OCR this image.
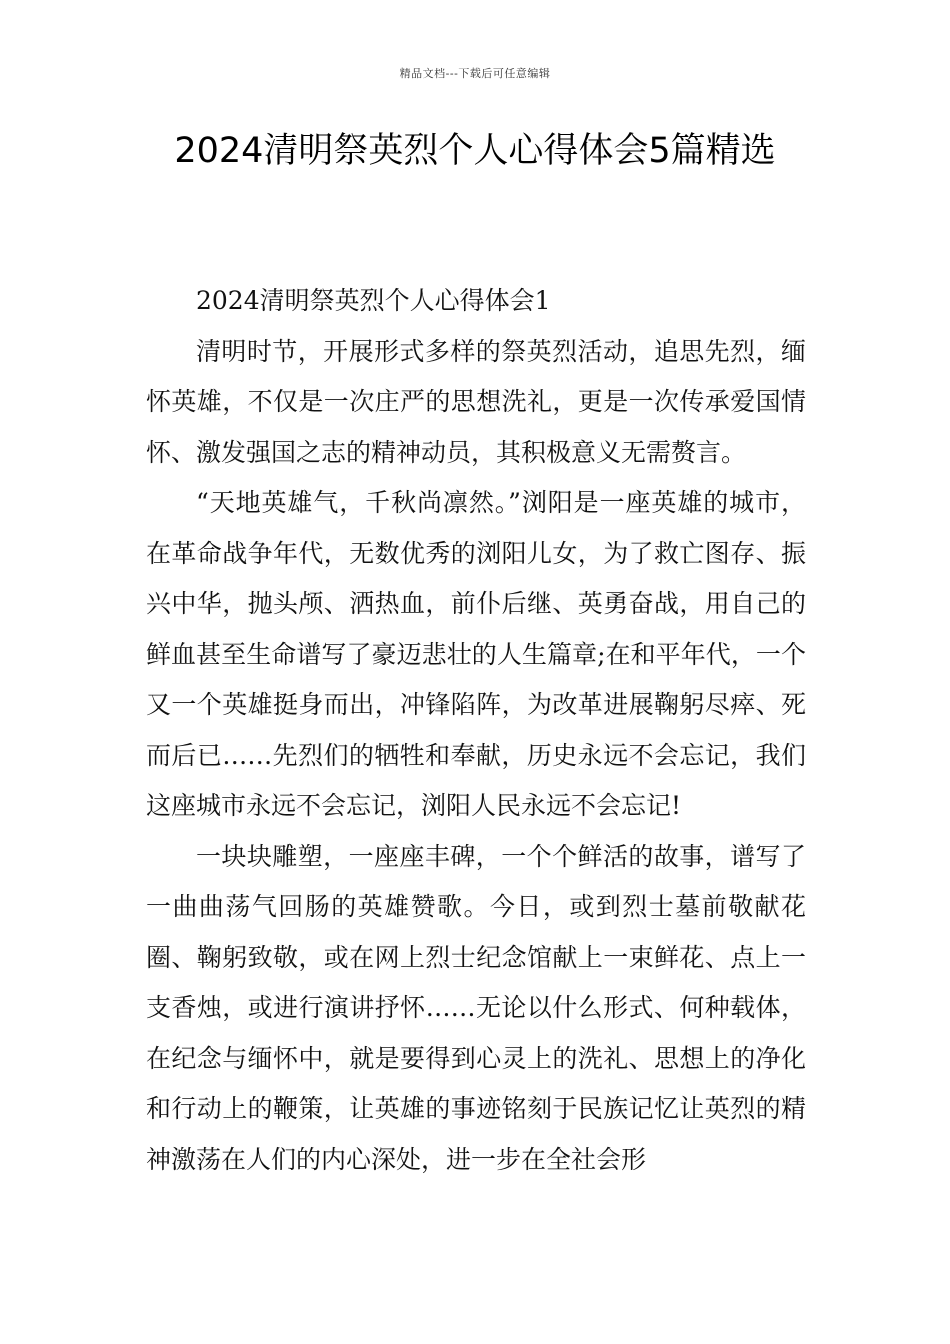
精品文档---下载后可任意编辑
2024清明祭英烈个人心得体会5篇精选

2024清明祭英烈个人心得体会1

清明时节，开展形式多样的祭英烈活动，追思先烈，缅怀英雄，不仅是一次庄严的思想洗礼，更是一次传承爱国情怀、激发强国之志的精神动员，其积极意义无需赘言。

“天地英雄气，千秋尚凛然。”浏阳是一座英雄的城市，在革命战争年代，无数优秀的浏阳儿女，为了救亡图存、振兴中华，抛头颅、洒热血，前仆后继、英勇奋战，用自己的鲜血甚至生命谱写了豪迈悲壮的人生篇章;在和平年代，一个又一个英雄挺身而出，冲锋陷阵，为改革进展鞠躬尽瘁、死而后已……先烈们的牺牲和奉献，历史永远不会忘记，我们这座城市永远不会忘记，浏阳人民永远不会忘记!

一块块雕塑，一座座丰碑，一个个鲜活的故事，谱写了一曲曲荡气回肠的英雄赞歌。今日，或到烈士墓前敬献花圈、鞠躬致敬，或在网上烈士纪念馆献上一束鲜花、点上一支香烛，或进行演讲抒怀……无论以什么形式、何种载体，在纪念与缅怀中，就是要得到心灵上的洗礼、思想上的净化和行动上的鞭策，让英雄的事迹铭刻于民族记忆让英烈的精神激荡在人们的内心深处，进一步在全社会形
